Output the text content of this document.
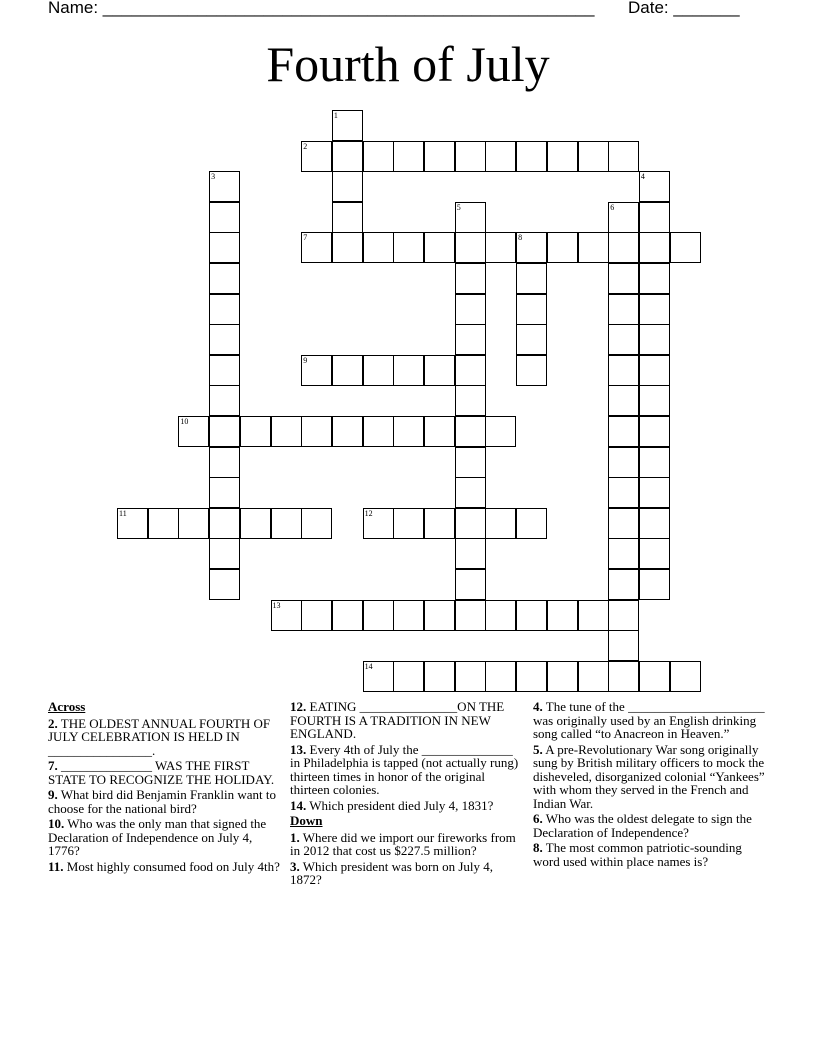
Name: ____________________________________________________ Date: _______
Fourth of July
1
2
3	4
5	6
7	8
9
10
11	12
13
14
Across
2. THE OLDEST ANNUAL FOURTH OF JULY CELEBRATION IS HELD IN ________________.
7. ______________ WAS THE FIRST STATE TO RECOGNIZE THE HOLIDAY.
9. What bird did Benjamin Franklin want to choose for the national bird?
10. Who was the only man that signed the Declaration of Independence on July 4, 1776?
11. Most highly consumed food on July 4th?
12. EATING _______________ON THE FOURTH IS A TRADITION IN NEW ENGLAND.
13. Every 4th of July the ______________ in Philadelphia is tapped (not actually rung) thirteen times in honor of the original thirteen colonies.
14. Which president died July 4, 1831?
Down
1. Where did we import our fireworks from in 2012 that cost us $227.5 million?
3. Which president was born on July 4, 1872?
4. The tune of the _____________________ was originally used by an English drinking song called “to Anacreon in Heaven.”
5. A pre-Revolutionary War song originally sung by British military officers to mock the disheveled, disorganized colonial “Yankees” with whom they served in the French and Indian War.
6. Who was the oldest delegate to sign the Declaration of Independence?
8. The most common patriotic-sounding word used within place names is?
